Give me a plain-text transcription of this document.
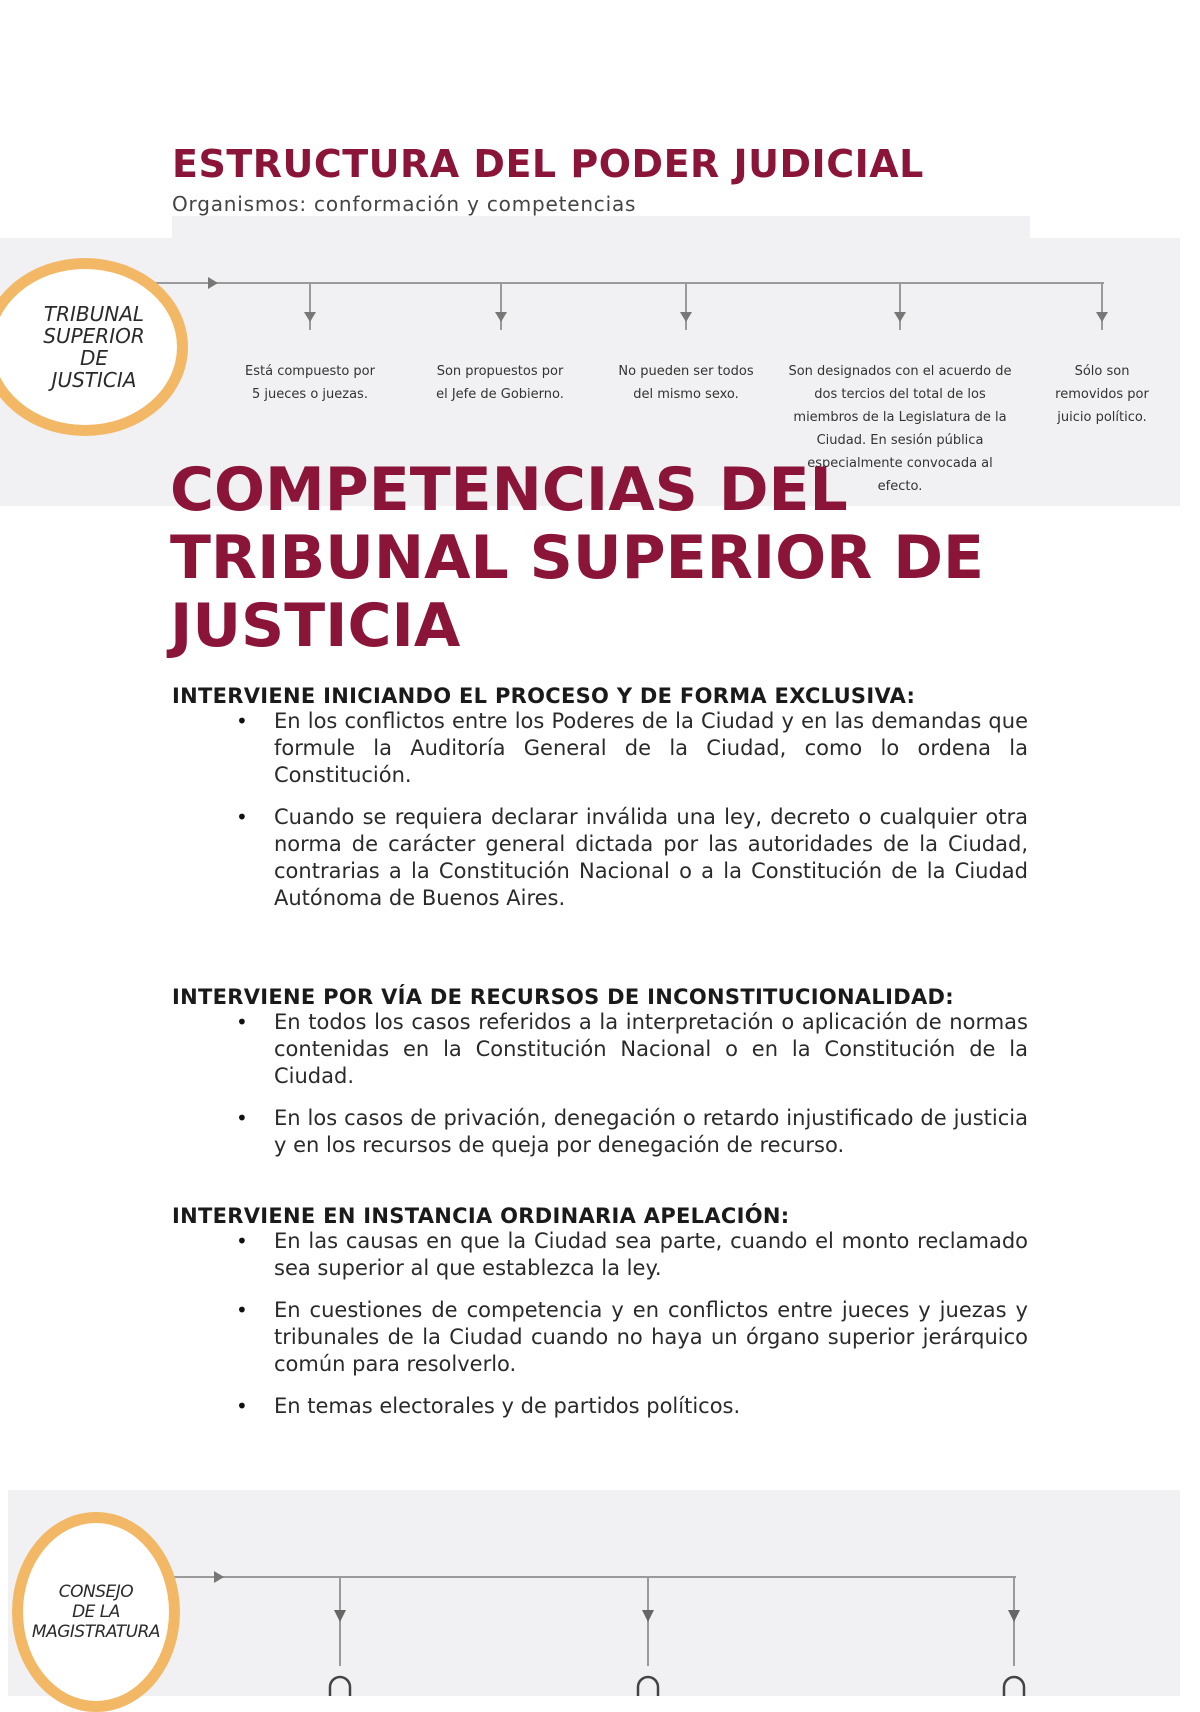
ESTRUCTURA DEL PODER JUDICIAL
Organismos: conformación y competencias
TRIBUNAL
SUPERIOR
DE
JUSTICIA	Está compuesto por 5 jueces o juezas.
Son propuestos por el Jefe de Gobierno.
No pueden ser todos del mismo sexo.
Son designados con el acuerdo de dos tercios del total de los miembros de la Legislatura de la Ciudad. En sesión pública especialmente convocada al efecto.
Sólo son removidos por juicio político.
COMPETENCIAS DEL TRIBUNAL SUPERIOR DE JUSTICIA
INTERVIENE INICIANDO EL PROCESO Y DE FORMA EXCLUSIVA:
• En los conflictos entre los Poderes de la Ciudad y en las demandas que formule la Auditoría General de la Ciudad, como lo ordena la Constitución.
• Cuando se requiera declarar inválida una ley, decreto o cualquier otra norma de carácter general dictada por las autoridades de la Ciudad, contrarias a la Constitución Nacional o a la Constitución de la Ciudad Autónoma de Buenos Aires.
INTERVIENE POR VÍA DE RECURSOS DE INCONSTITUCIONALIDAD:
• En todos los casos referidos a la interpretación o aplicación de normas contenidas en la Constitución Nacional o en la Constitución de la Ciudad.
• En los casos de privación, denegación o retardo injustificado de justicia y en los recursos de queja por denegación de recurso.
INTERVIENE EN INSTANCIA ORDINARIA APELACIÓN:
• En las causas en que la Ciudad sea parte, cuando el monto reclamado sea superior al que establezca la ley.
• En cuestiones de competencia y en conflictos entre jueces y juezas y tribunales de la Ciudad cuando no haya un órgano superior jerárquico común para resolverlo.
• En temas electorales y de partidos políticos.
CONSEJO
DE LA
MAGISTRATURA
